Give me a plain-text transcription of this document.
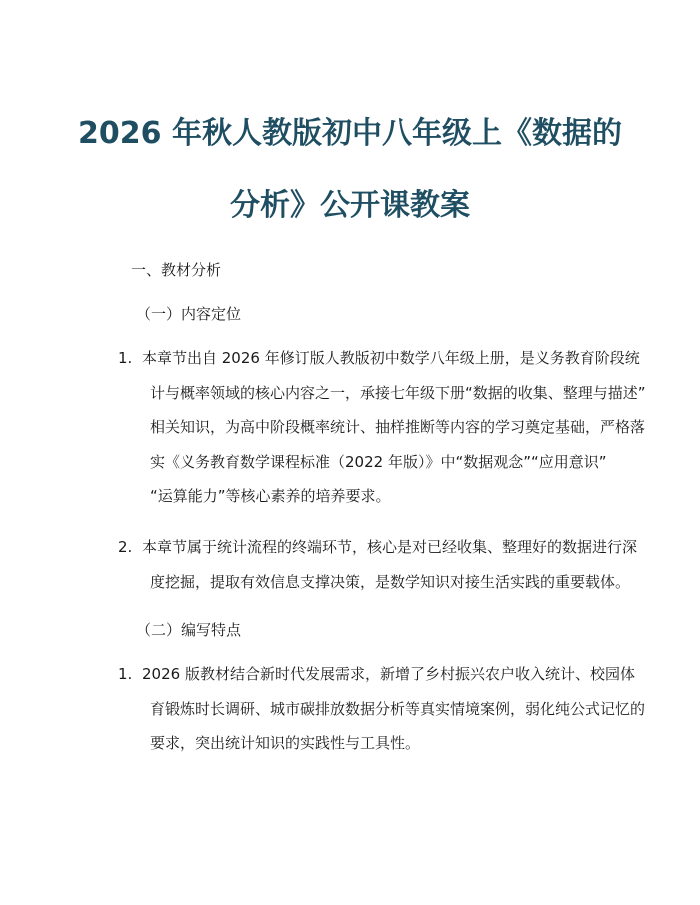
2026 年秋人教版初中八年级上《数据的
分析》公开课教案

一、教材分析

（一）内容定位

1. 本章节出自 2026 年修订版人教版初中数学八年级上册，是义务教育阶段统
计与概率领域的核心内容之一，承接七年级下册“数据的收集、整理与描述”
相关知识，为高中阶段概率统计、抽样推断等内容的学习奠定基础，严格落
实《义务教育数学课程标准（2022 年版）》中“数据观念”“应用意识”
“运算能力”等核心素养的培养要求。
2. 本章节属于统计流程的终端环节，核心是对已经收集、整理好的数据进行深
度挖掘，提取有效信息支撑决策，是数学知识对接生活实践的重要载体。

（二）编写特点

1. 2026 版教材结合新时代发展需求，新增了乡村振兴农户收入统计、校园体
育锻炼时长调研、城市碳排放数据分析等真实情境案例，弱化纯公式记忆的
要求，突出统计知识的实践性与工具性。
